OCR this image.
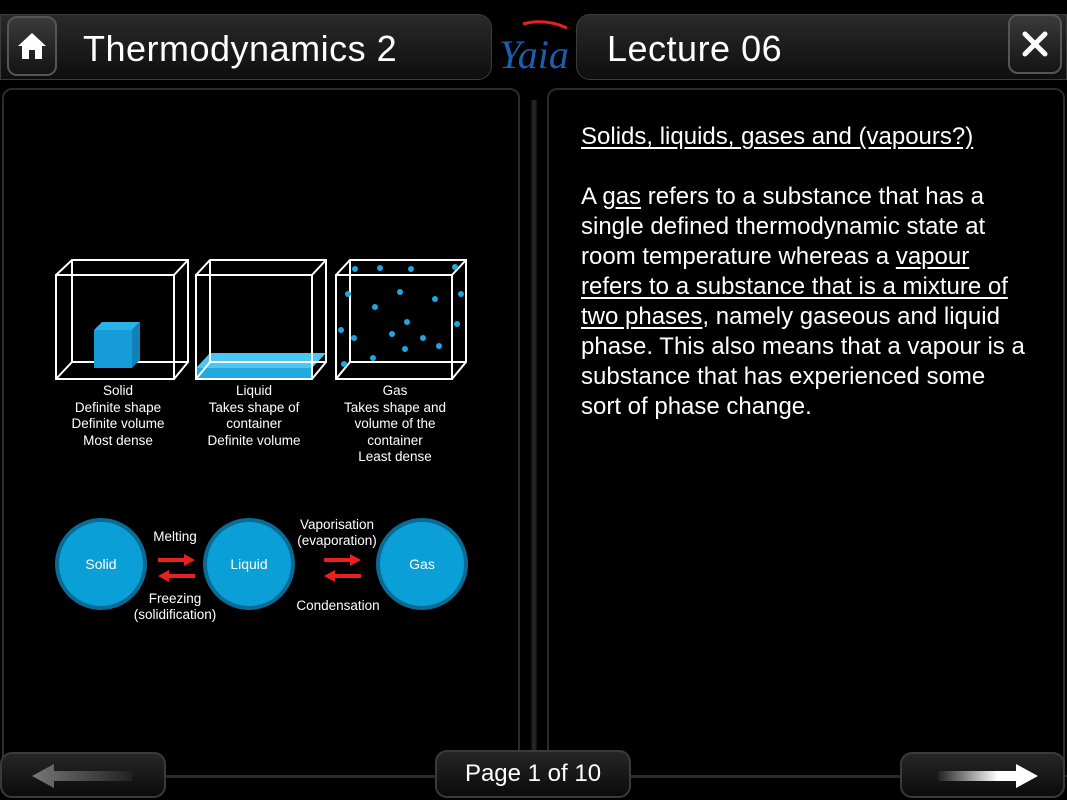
Thermodynamics 2	Yaia Lecture 06
Solid
Definite shape
Definite volume
Most dense
Liquid
Takes shape of
container
Definite volume
Gas
Takes shape and
volume of the
container
Least dense
Solid	Liquid	Gas
Melting
Freezing
(solidification)
Vaporisation
(evaporation)
Condensation
Solids, liquids, gases and (vapours?)
A gas refers to a substance that has a single defined thermodynamic state at room temperature whereas a vapour refers to a substance that is a mixture of two phases, namely gaseous and liquid phase. This also means that a vapour is a substance that has experienced some sort of phase change.
Page 1 of 10
